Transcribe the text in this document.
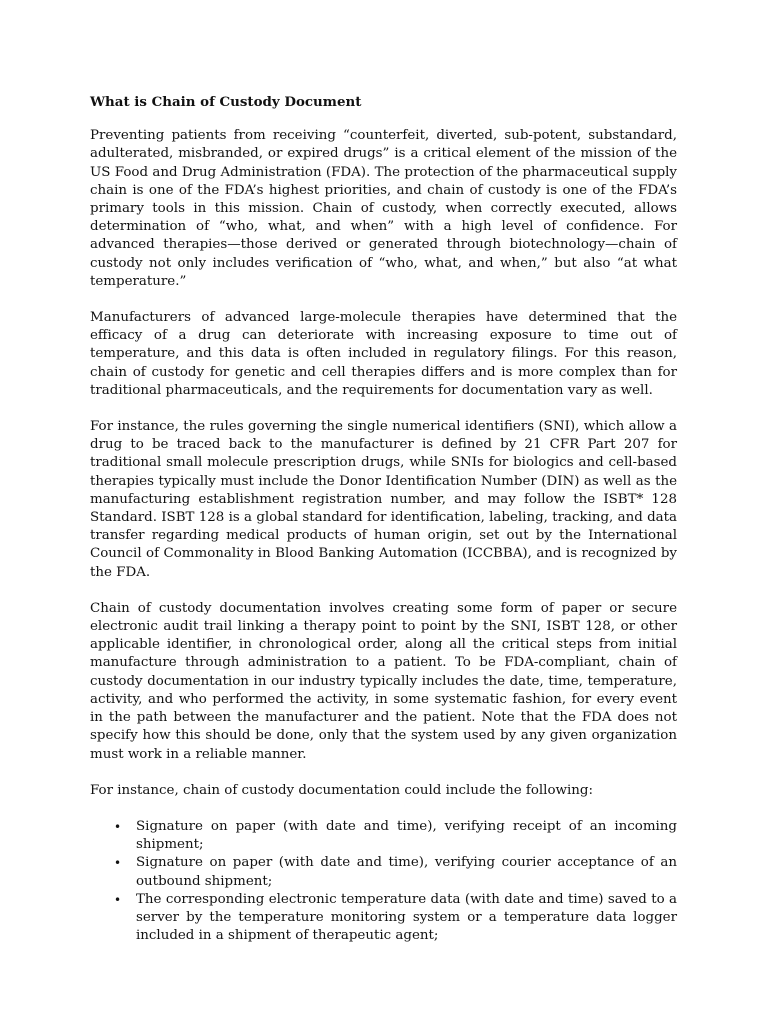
What is Chain of Custody Document

Preventing patients from receiving “counterfeit, diverted, sub-potent, substandard, adulterated, misbranded, or expired drugs” is a critical element of the mission of the US Food and Drug Administration (FDA). The protection of the pharmaceutical supply chain is one of the FDA’s highest priorities, and chain of custody is one of the FDA’s primary tools in this mission. Chain of custody, when correctly executed, allows determination of “who, what, and when” with a high level of confidence. For advanced therapies—those derived or generated through biotechnology—chain of custody not only includes verification of “who, what, and when,” but also “at what temperature.”

Manufacturers of advanced large-molecule therapies have determined that the efficacy of a drug can deteriorate with increasing exposure to time out of temperature, and this data is often included in regulatory filings. For this reason, chain of custody for genetic and cell therapies differs and is more complex than for traditional pharmaceuticals, and the requirements for documentation vary as well.

For instance, the rules governing the single numerical identifiers (SNI), which allow a drug to be traced back to the manufacturer is defined by 21 CFR Part 207 for traditional small molecule prescription drugs, while SNIs for biologics and cell-based therapies typically must include the Donor Identification Number (DIN) as well as the manufacturing establishment registration number, and may follow the ISBT* 128 Standard. ISBT 128 is a global standard for identification, labeling, tracking, and data transfer regarding medical products of human origin, set out by the International Council of Commonality in Blood Banking Automation (ICCBBA), and is recognized by the FDA.

Chain of custody documentation involves creating some form of paper or secure electronic audit trail linking a therapy point to point by the SNI, ISBT 128, or other applicable identifier, in chronological order, along all the critical steps from initial manufacture through administration to a patient. To be FDA-compliant, chain of custody documentation in our industry typically includes the date, time, temperature, activity, and who performed the activity, in some systematic fashion, for every event in the path between the manufacturer and the patient. Note that the FDA does not specify how this should be done, only that the system used by any given organization must work in a reliable manner.

For instance, chain of custody documentation could include the following:

• Signature on paper (with date and time), verifying receipt of an incoming shipment;
• Signature on paper (with date and time), verifying courier acceptance of an outbound shipment;
• The corresponding electronic temperature data (with date and time) saved to a server by the temperature monitoring system or a temperature data logger included in a shipment of therapeutic agent;
